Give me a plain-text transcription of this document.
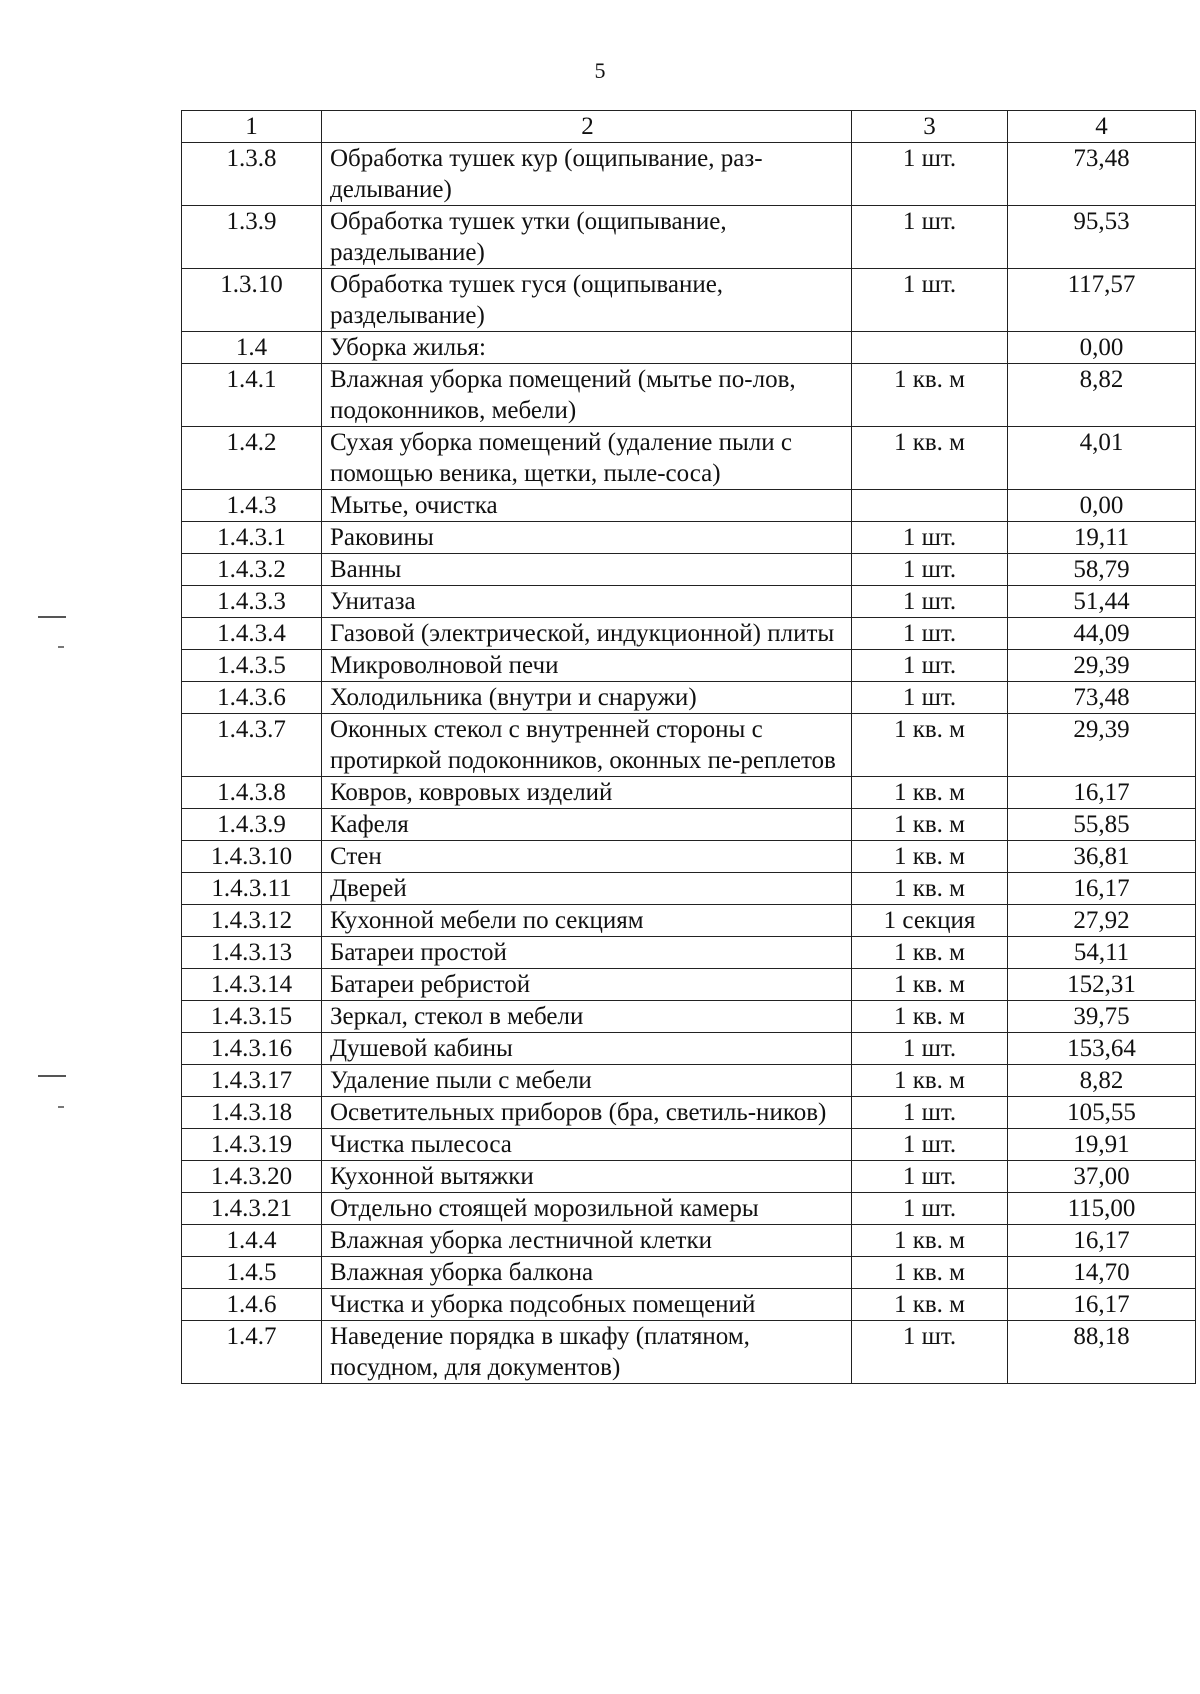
5
1	2	3	4
1.3.8	Обработка тушек кур (ощипывание, раз-делывание)	1 шт.	73,48
1.3.9	Обработка тушек утки (ощипывание, разделывание)	1 шт.	95,53
1.3.10	Обработка тушек гуся (ощипывание, разделывание)	1 шт.	117,57
1.4	Уборка жилья:		0,00
1.4.1	Влажная уборка помещений (мытье по-лов, подоконников, мебели)	1 кв. м	8,82
1.4.2	Сухая уборка помещений (удаление пыли с помощью веника, щетки, пыле-соса)	1 кв. м	4,01
1.4.3	Мытье, очистка		0,00
1.4.3.1	Раковины	1 шт.	19,11
1.4.3.2	Ванны	1 шт.	58,79
1.4.3.3	Унитаза	1 шт.	51,44
1.4.3.4	Газовой (электрической, индукционной) плиты	1 шт.	44,09
1.4.3.5	Микроволновой печи	1 шт.	29,39
1.4.3.6	Холодильника (внутри и снаружи)	1 шт.	73,48
1.4.3.7	Оконных стекол с внутренней стороны с протиркой подоконников, оконных пе-реплетов	1 кв. м	29,39
1.4.3.8	Ковров, ковровых изделий	1 кв. м	16,17
1.4.3.9	Кафеля	1 кв. м	55,85
1.4.3.10	Стен	1 кв. м	36,81
1.4.3.11	Дверей	1 кв. м	16,17
1.4.3.12	Кухонной мебели по секциям	1 секция	27,92
1.4.3.13	Батареи простой	1 кв. м	54,11
1.4.3.14	Батареи ребристой	1 кв. м	152,31
1.4.3.15	Зеркал, стекол в мебели	1 кв. м	39,75
1.4.3.16	Душевой кабины	1 шт.	153,64
1.4.3.17	Удаление пыли с мебели	1 кв. м	8,82
1.4.3.18	Осветительных приборов (бра, светиль-ников)	1 шт.	105,55
1.4.3.19	Чистка пылесоса	1 шт.	19,91
1.4.3.20	Кухонной вытяжки	1 шт.	37,00
1.4.3.21	Отдельно стоящей морозильной камеры	1 шт.	115,00
1.4.4	Влажная уборка лестничной клетки	1 кв. м	16,17
1.4.5	Влажная уборка балкона	1 кв. м	14,70
1.4.6	Чистка и уборка подсобных помещений	1 кв. м	16,17
1.4.7	Наведение порядка в шкафу (платяном, посудном, для документов)	1 шт.	88,18
